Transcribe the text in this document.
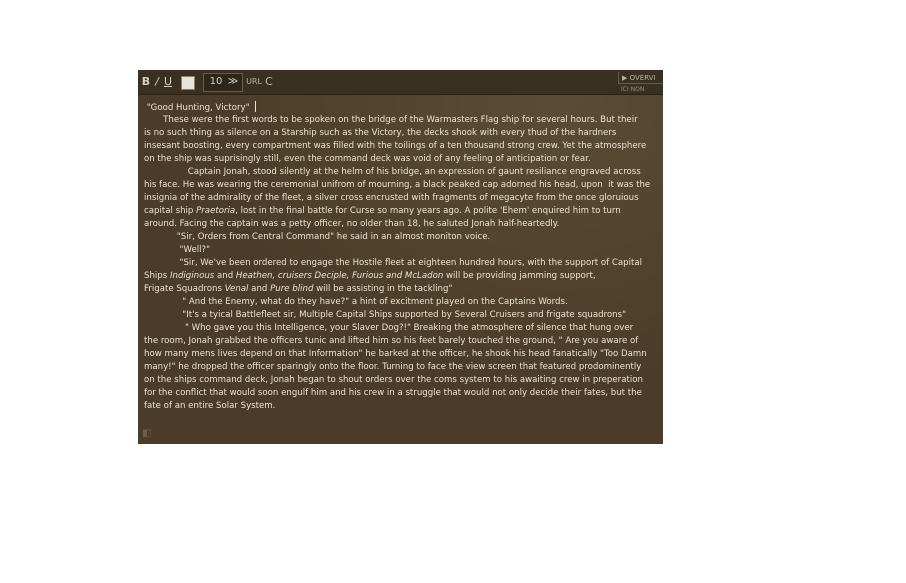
B / U	10 ≫ URL C	▶ OVERVI
ICI NON
"Good Hunting, Victory"
These were the first words to be spoken on the bridge of the Warmasters Flag ship for several hours. But their
is no such thing as silence on a Starship such as the Victory, the decks shook with every thud of the hardners
insesant boosting, every compartment was filled with the toilings of a ten thousand strong crew. Yet the atmosphere
on the ship was suprisingly still, even the command deck was void of any feeling of anticipation or fear.
Captain Jonah, stood silently at the helm of his bridge, an expression of gaunt resiliance engraved across
his face. He was wearing the ceremonial unifrom of mourning, a black peaked cap adorned his head, upon  it was the
insignia of the admirality of the fleet, a silver cross encrusted with fragments of megacyte from the once gloruious
capital ship Praetoria, lost in the final battle for Curse so many years ago. A polite 'Ehem' enquired him to turn
around. Facing the captain was a petty officer, no older than 18, he saluted Jonah half-heartedly.
"Sir, Orders from Central Command" he said in an almost moniton voice.
"Well?"
"Sir, We've been ordered to engage the Hostile fleet at eighteen hundred hours, with the support of Capital
Ships Indiginous and Heathen, cruisers Deciple, Furious and McLadon will be providing jamming support,
Frigate Squadrons Venal and Pure blind will be assisting in the tackling"
" And the Enemy, what do they have?" a hint of excitment played on the Captains Words.
"It's a tyical Battlefleet sir, Multiple Capital Ships supported by Several Cruisers and frigate squadrons"
" Who gave you this Intelligence, your Slaver Dog?!" Breaking the atmosphere of silence that hung over
the room, Jonah grabbed the officers tunic and lifted him so his feet barely touched the ground, " Are you aware of
how many mens lives depend on that Information" he barked at the officer, he shook his head fanatically "Too Damn
many!" he dropped the officer sparingly onto the floor. Turning to face the view screen that featured prodominently
on the ships command deck, Jonah began to shout orders over the coms system to his awaiting crew in preperation
for the conflict that would soon engulf him and his crew in a struggle that would not only decide their fates, but the
fate of an entire Solar System.
◧
